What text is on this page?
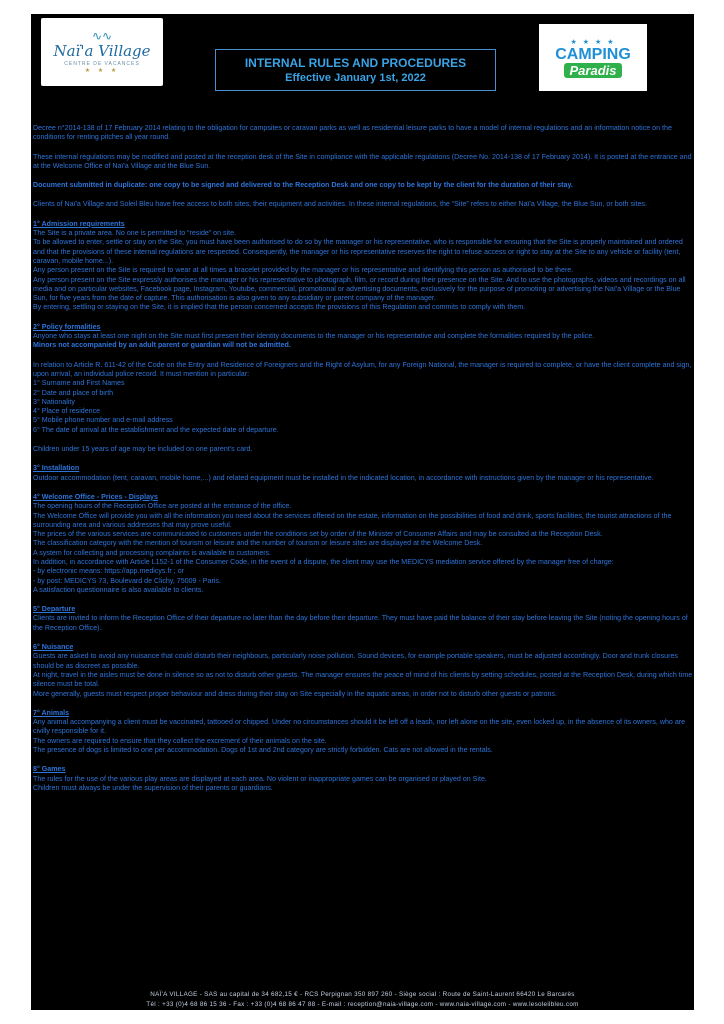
∿∿
Naï'a Village
CENTRE DE VACANCES
★ ★ ★
INTERNAL RULES AND PROCEDURES
Effective January 1st, 2022
★ ★ ★ ★
CAMPING
Paradis

Decree n°2014-138 of 17 February 2014 relating to the obligation for campsites or caravan parks as well as residential leisure parks to have a model of internal regulations and an information notice on the conditions for renting pitches all year round.

These internal regulations may be modified and posted at the reception desk of the Site in compliance with the applicable regulations (Decree No. 2014-138 of 17 February 2014). It is posted at the entrance and at the Welcome Office of Naï'a Village and the Blue Sun.

Document submitted in duplicate: one copy to be signed and delivered to the Reception Desk and one copy to be kept by the client for the duration of their stay.

Clients of Naï'a Village and Soleil Bleu have free access to both sites, their equipment and activities. In these internal regulations, the “Site” refers to either Naï'a Village, the Blue Sun, or both sites.

1° Admission requirements
The Site is a private area. No one is permitted to “reside” on site.
To be allowed to enter, settle or stay on the Site, you must have been authorised to do so by the manager or his representative, who is responsible for ensuring that the Site is properly maintained and ordered and that the provisions of these internal regulations are respected. Consequently, the manager or his representative reserves the right to refuse access or right to stay at the Site to any vehicle or facility (tent, caravan, mobile home...).
Any person present on the Site is required to wear at all times a bracelet provided by the manager or his representative and identifying this person as authorised to be there.
Any person present on the Site expressly authorises the manager or his representative to photograph, film, or record during their presence on the Site. And to use the photographs, videos and recordings on all media and on particular websites, Facebook page, Instagram, Youtube, commercial, promotional or advertising documents, exclusively for the purpose of promoting or advertising the Naï'a Village or the Blue Sun, for five years from the date of capture. This authorisation is also given to any subsidiary or parent company of the manager.
By entering, settling or staying on the Site, it is implied that the person concerned accepts the provisions of this Regulation and commits to comply with them.

2° Policy formalities
Anyone who stays at least one night on the Site must first present their identity documents to the manager or his representative and complete the formalities required by the police.
Minors not accompanied by an adult parent or guardian will not be admitted.

In relation to Article R. 611-42 of the Code on the Entry and Residence of Foreigners and the Right of Asylum, for any Foreign National, the manager is required to complete, or have the client complete and sign, upon arrival, an individual police record. It must mention in particular:
1° Surname and First Names
2° Date and place of birth
3° Nationality
4° Place of residence
5° Mobile phone number and e-mail address
6° The date of arrival at the establishment and the expected date of departure.

Children under 15 years of age may be included on one parent's card.

3° Installation
Outdoor accommodation (tent, caravan, mobile home,...) and related equipment must be installed in the indicated location, in accordance with instructions given by the manager or his representative.

4° Welcome Office - Prices - Displays
The opening hours of the Reception Office are posted at the entrance of the office.
The Welcome Office will provide you with all the information you need about the services offered on the estate, information on the possibilities of food and drink, sports facilities, the tourist attractions of the surrounding area and various addresses that may prove useful.
The prices of the various services are communicated to customers under the conditions set by order of the Minister of Consumer Affairs and may be consulted at the Reception Desk.
The classification category with the mention of tourism or leisure and the number of tourism or leisure sites are displayed at the Welcome Desk.
A system for collecting and processing complaints is available to customers.
In addition, in accordance with Article L152-1 of the Consumer Code, in the event of a dispute, the client may use the MEDICYS mediation service offered by the manager free of charge:
- by electronic means: https://app.medicys.fr ; or
- by post: MEDICYS 73, Boulevard de Clichy, 75009 - Paris.
A satisfaction questionnaire is also available to clients.

5° Departure
Clients are invited to inform the Reception Office of their departure no later than the day before their departure. They must have paid the balance of their stay before leaving the Site (noting the opening hours of the Reception Office).

6° Nuisance
Guests are asked to avoid any nuisance that could disturb their neighbours, particularly noise pollution. Sound devices, for example portable speakers, must be adjusted accordingly. Door and trunk closures should be as discreet as possible.
At night, travel in the aisles must be done in silence so as not to disturb other guests. The manager ensures the peace of mind of his clients by setting schedules, posted at the Reception Desk, during which time silence must be total.
More generally, guests must respect proper behaviour and dress during their stay on Site especially in the aquatic areas, in order not to disturb other guests or patrons.

7° Animals
Any animal accompanying a client must be vaccinated, tattooed or chipped. Under no circumstances should it be left off a leash, nor left alone on the site, even locked up, in the absence of its owners, who are civilly responsible for it.
The owners are required to ensure that they collect the excrement of their animals on the site.
The presence of dogs is limited to one per accommodation. Dogs of 1st and 2nd category are strictly forbidden. Cats are not allowed in the rentals.

8° Games
The rules for the use of the various play areas are displayed at each area. No violent or inappropriate games can be organised or played on Site.
Children must always be under the supervision of their parents or guardians.

NAÏ'A VILLAGE - SAS au capital de 34 682,15 € - RCS Perpignan 350 897 260 - Siège social : Route de Saint-Laurent 66420 Le Barcarès
Tél : +33 (0)4 68 86 15 36 - Fax : +33 (0)4 68 86 47 88 - E-mail : reception@naia-village.com - www.naia-village.com - www.lesoleilbleu.com
